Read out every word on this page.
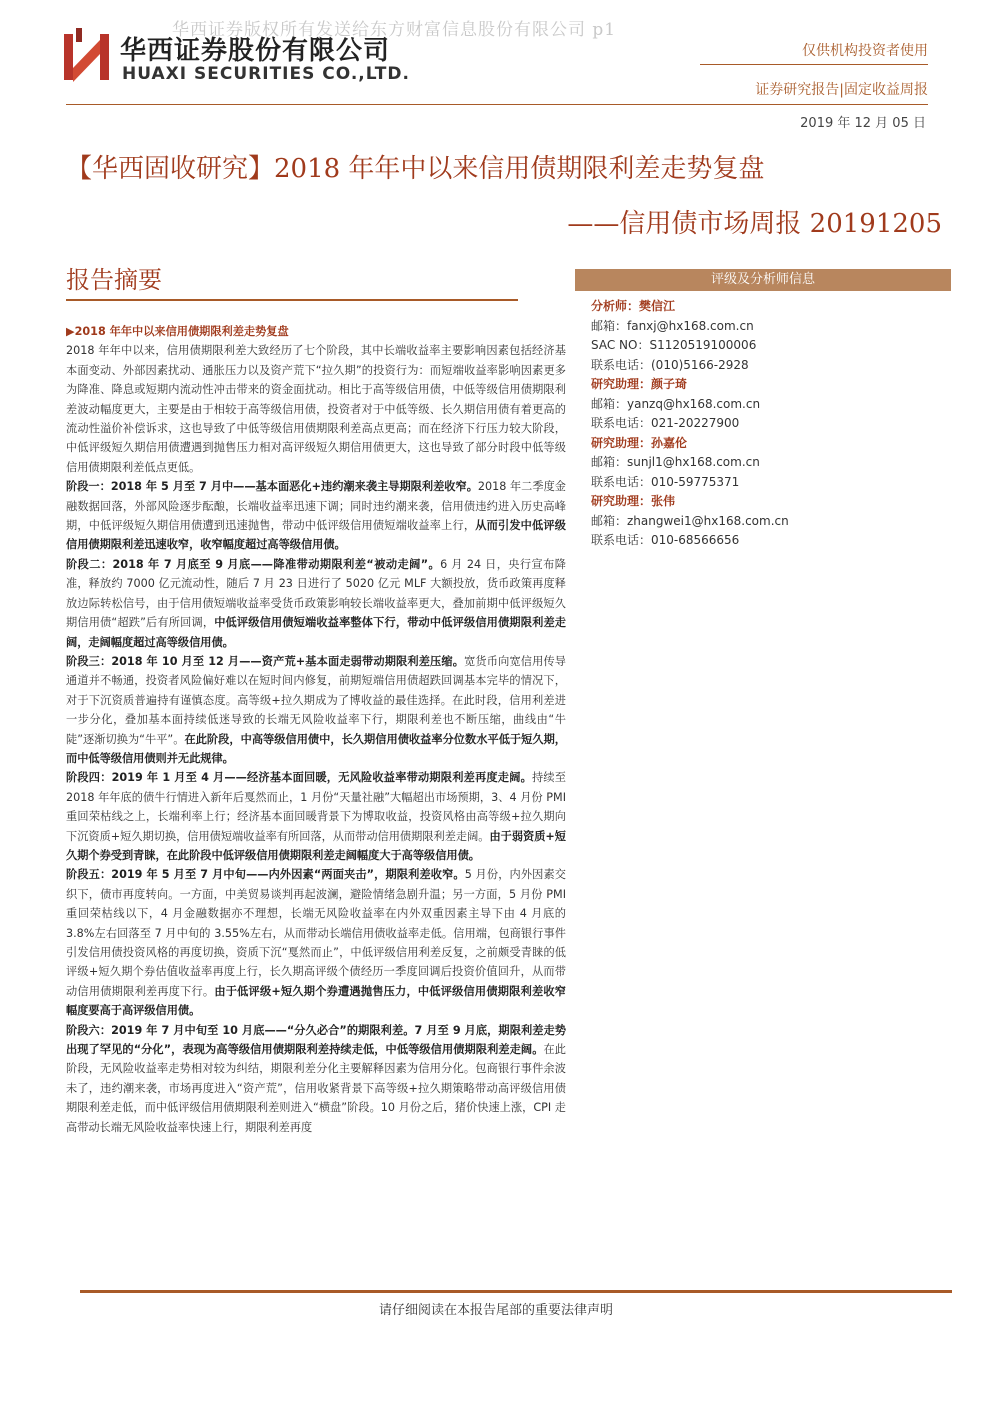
华西证券版权所有发送给东方财富信息股份有限公司 p1
华西证券股份有限公司
HUAXI SECURITIES CO.,LTD.
仅供机构投资者使用
证券研究报告|固定收益周报
2019 年 12 月 05 日
【华西固收研究】2018 年年中以来信用债期限利差走势复盘
——信用债市场周报 20191205
报告摘要

▶2018 年年中以来信用债期限利差走势复盘

2018 年年中以来，信用债期限利差大致经历了七个阶段，其中长端收益率主要影响因素包括经济基本面变动、外部因素扰动、通胀压力以及资产荒下“拉久期”的投资行为：而短端收益率影响因素更多为降准、降息或短期内流动性冲击带来的资金面扰动。相比于高等级信用债，中低等级信用债期限利差波动幅度更大，主要是由于相较于高等级信用债，投资者对于中低等级、长久期信用债有着更高的流动性溢价补偿诉求，这也导致了中低等级信用债期限利差高点更高；而在经济下行压力较大阶段，中低评级短久期信用债遭遇到抛售压力相对高评级短久期信用债更大，这也导致了部分时段中低等级信用债期限利差低点更低。

阶段一：2018 年 5 月至 7 月中——基本面恶化+违约潮来袭主导期限利差收窄。2018 年二季度金融数据回落，外部风险逐步酝酿，长端收益率迅速下调；同时违约潮来袭，信用债违约进入历史高峰期，中低评级短久期信用债遭到迅速抛售，带动中低评级信用债短端收益率上行，从而引发中低评级信用债期限利差迅速收窄，收窄幅度超过高等级信用债。

阶段二：2018 年 7 月底至 9 月底——降准带动期限利差“被动走阔”。6 月 24 日，央行宣布降准，释放约 7000 亿元流动性，随后 7 月 23 日进行了 5020 亿元 MLF 大额投放，货币政策再度释放边际转松信号，由于信用债短端收益率受货币政策影响较长端收益率更大，叠加前期中低评级短久期信用债“超跌”后有所回调，中低评级信用债短端收益率整体下行，带动中低评级信用债期限利差走阔，走阔幅度超过高等级信用债。

阶段三：2018 年 10 月至 12 月——资产荒+基本面走弱带动期限利差压缩。宽货币向宽信用传导通道并不畅通，投资者风险偏好难以在短时间内修复，前期短端信用债超跌回调基本完毕的情况下，对于下沉资质普遍持有谨慎态度。高等级+拉久期成为了博收益的最佳选择。在此时段，信用利差进一步分化，叠加基本面持续低迷导致的长端无风险收益率下行，期限利差也不断压缩，曲线由“牛陡”逐渐切换为“牛平”。在此阶段，中高等级信用债中，长久期信用债收益率分位数水平低于短久期，而中低等级信用债则并无此规律。

阶段四：2019 年 1 月至 4 月——经济基本面回暖，无风险收益率带动期限利差再度走阔。持续至 2018 年年底的债牛行情进入新年后戛然而止，1 月份“天量社融”大幅超出市场预期，3、4 月份 PMI 重回荣枯线之上，长端利率上行；经济基本面回暖背景下为博取收益，投资风格由高等级+拉久期向下沉资质+短久期切换，信用债短端收益率有所回落，从而带动信用债期限利差走阔。由于弱资质+短久期个券受到青睐，在此阶段中低评级信用债期限利差走阔幅度大于高等级信用债。

阶段五：2019 年 5 月至 7 月中旬——内外因素“两面夹击”，期限利差收窄。5 月份，内外因素交织下，债市再度转向。一方面，中美贸易谈判再起波澜，避险情绪急剧升温；另一方面，5 月份 PMI 重回荣枯线以下，4 月金融数据亦不理想，长端无风险收益率在内外双重因素主导下由 4 月底的 3.8%左右回落至 7 月中旬的 3.55%左右，从而带动长端信用债收益率走低。信用端，包商银行事件引发信用债投资风格的再度切换，资质下沉“戛然而止”，中低评级信用利差反复，之前颇受青睐的低评级+短久期个券估值收益率再度上行，长久期高评级个债经历一季度回调后投资价值回升，从而带动信用债期限利差再度下行。由于低评级+短久期个券遭遇抛售压力，中低评级信用债期限利差收窄幅度要高于高评级信用债。

阶段六：2019 年 7 月中旬至 10 月底——“分久必合”的期限利差。7 月至 9 月底，期限利差走势出现了罕见的“分化”，表现为高等级信用债期限利差持续走低，中低等级信用债期限利差走阔。在此阶段，无风险收益率走势相对较为纠结，期限利差分化主要解释因素为信用分化。包商银行事件余波未了，违约潮来袭，市场再度进入“资产荒”，信用收紧背景下高等级+拉久期策略带动高评级信用债期限利差走低，而中低评级信用债期限利差则进入“横盘”阶段。10 月份之后，猪价快速上涨，CPI 走高带动长端无风险收益率快速上行，期限利差再度

评级及分析师信息
分析师：樊信江
邮箱：fanxj@hx168.com.cn
SAC NO：S1120519100006
联系电话：(010)5166-2928
研究助理：颜子琦
邮箱：yanzq@hx168.com.cn
联系电话：021-20227900
研究助理：孙嘉伦
邮箱：sunjl1@hx168.com.cn
联系电话：010-59775371
研究助理：张伟
邮箱：zhangwei1@hx168.com.cn
联系电话：010-68566656
请仔细阅读在本报告尾部的重要法律声明
